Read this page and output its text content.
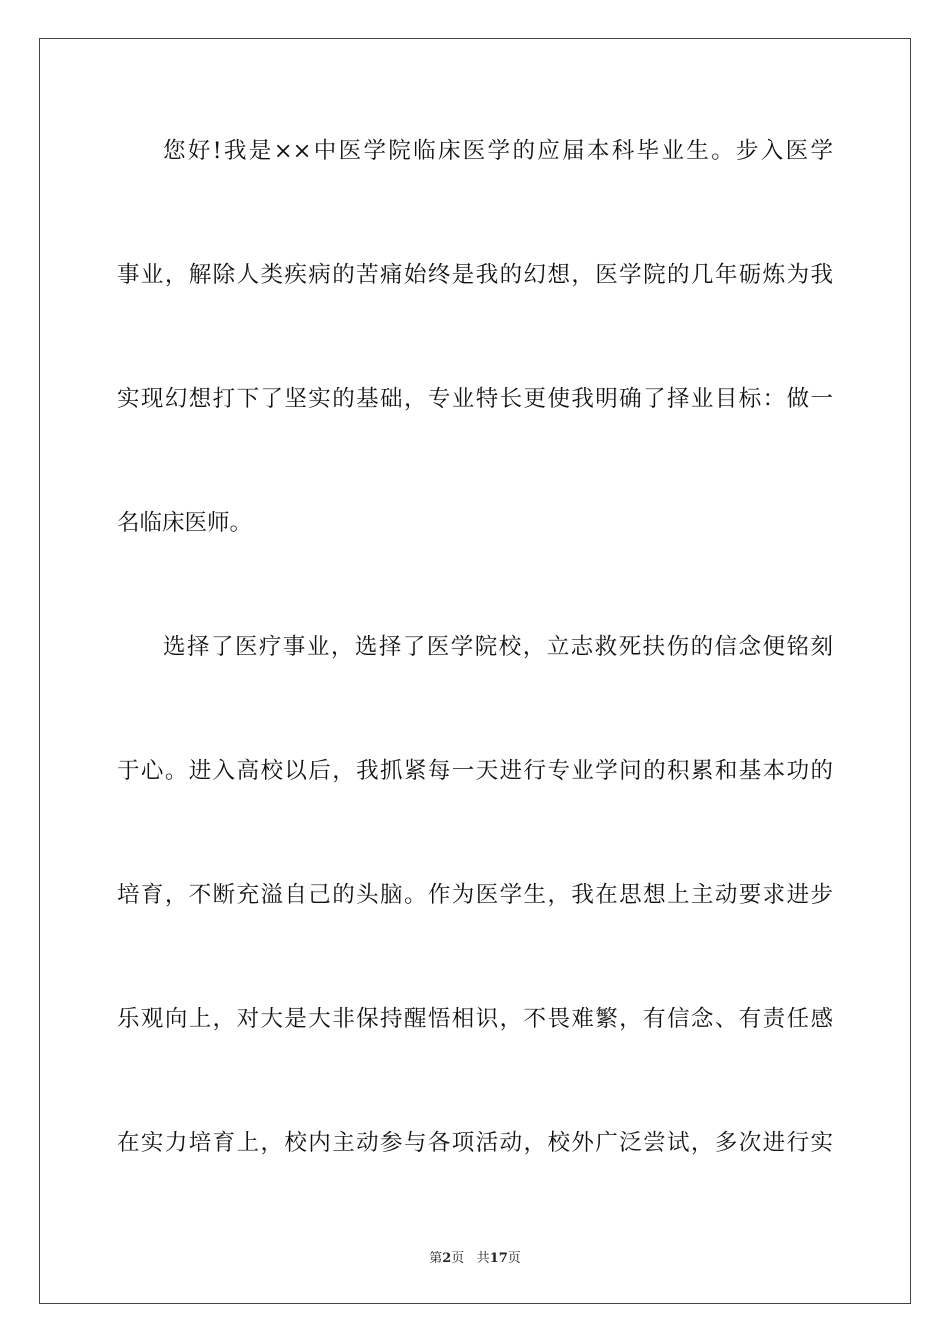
您好!我是××中医学院临床医学的应届本科毕业生。步入医学
事业，解除人类疾病的苦痛始终是我的幻想，医学院的几年砺炼为我
实现幻想打下了坚实的基础，专业特长更使我明确了择业目标：做一
名临床医师。
选择了医疗事业，选择了医学院校，立志救死扶伤的信念便铭刻
于心。进入高校以后，我抓紧每一天进行专业学问的积累和基本功的
培育，不断充溢自己的头脑。作为医学生，我在思想上主动要求进步
乐观向上，对大是大非保持醒悟相识，不畏难繁，有信念、有责任感
在实力培育上，校内主动参与各项活动，校外广泛尝试，多次进行实
第2页 共17页
